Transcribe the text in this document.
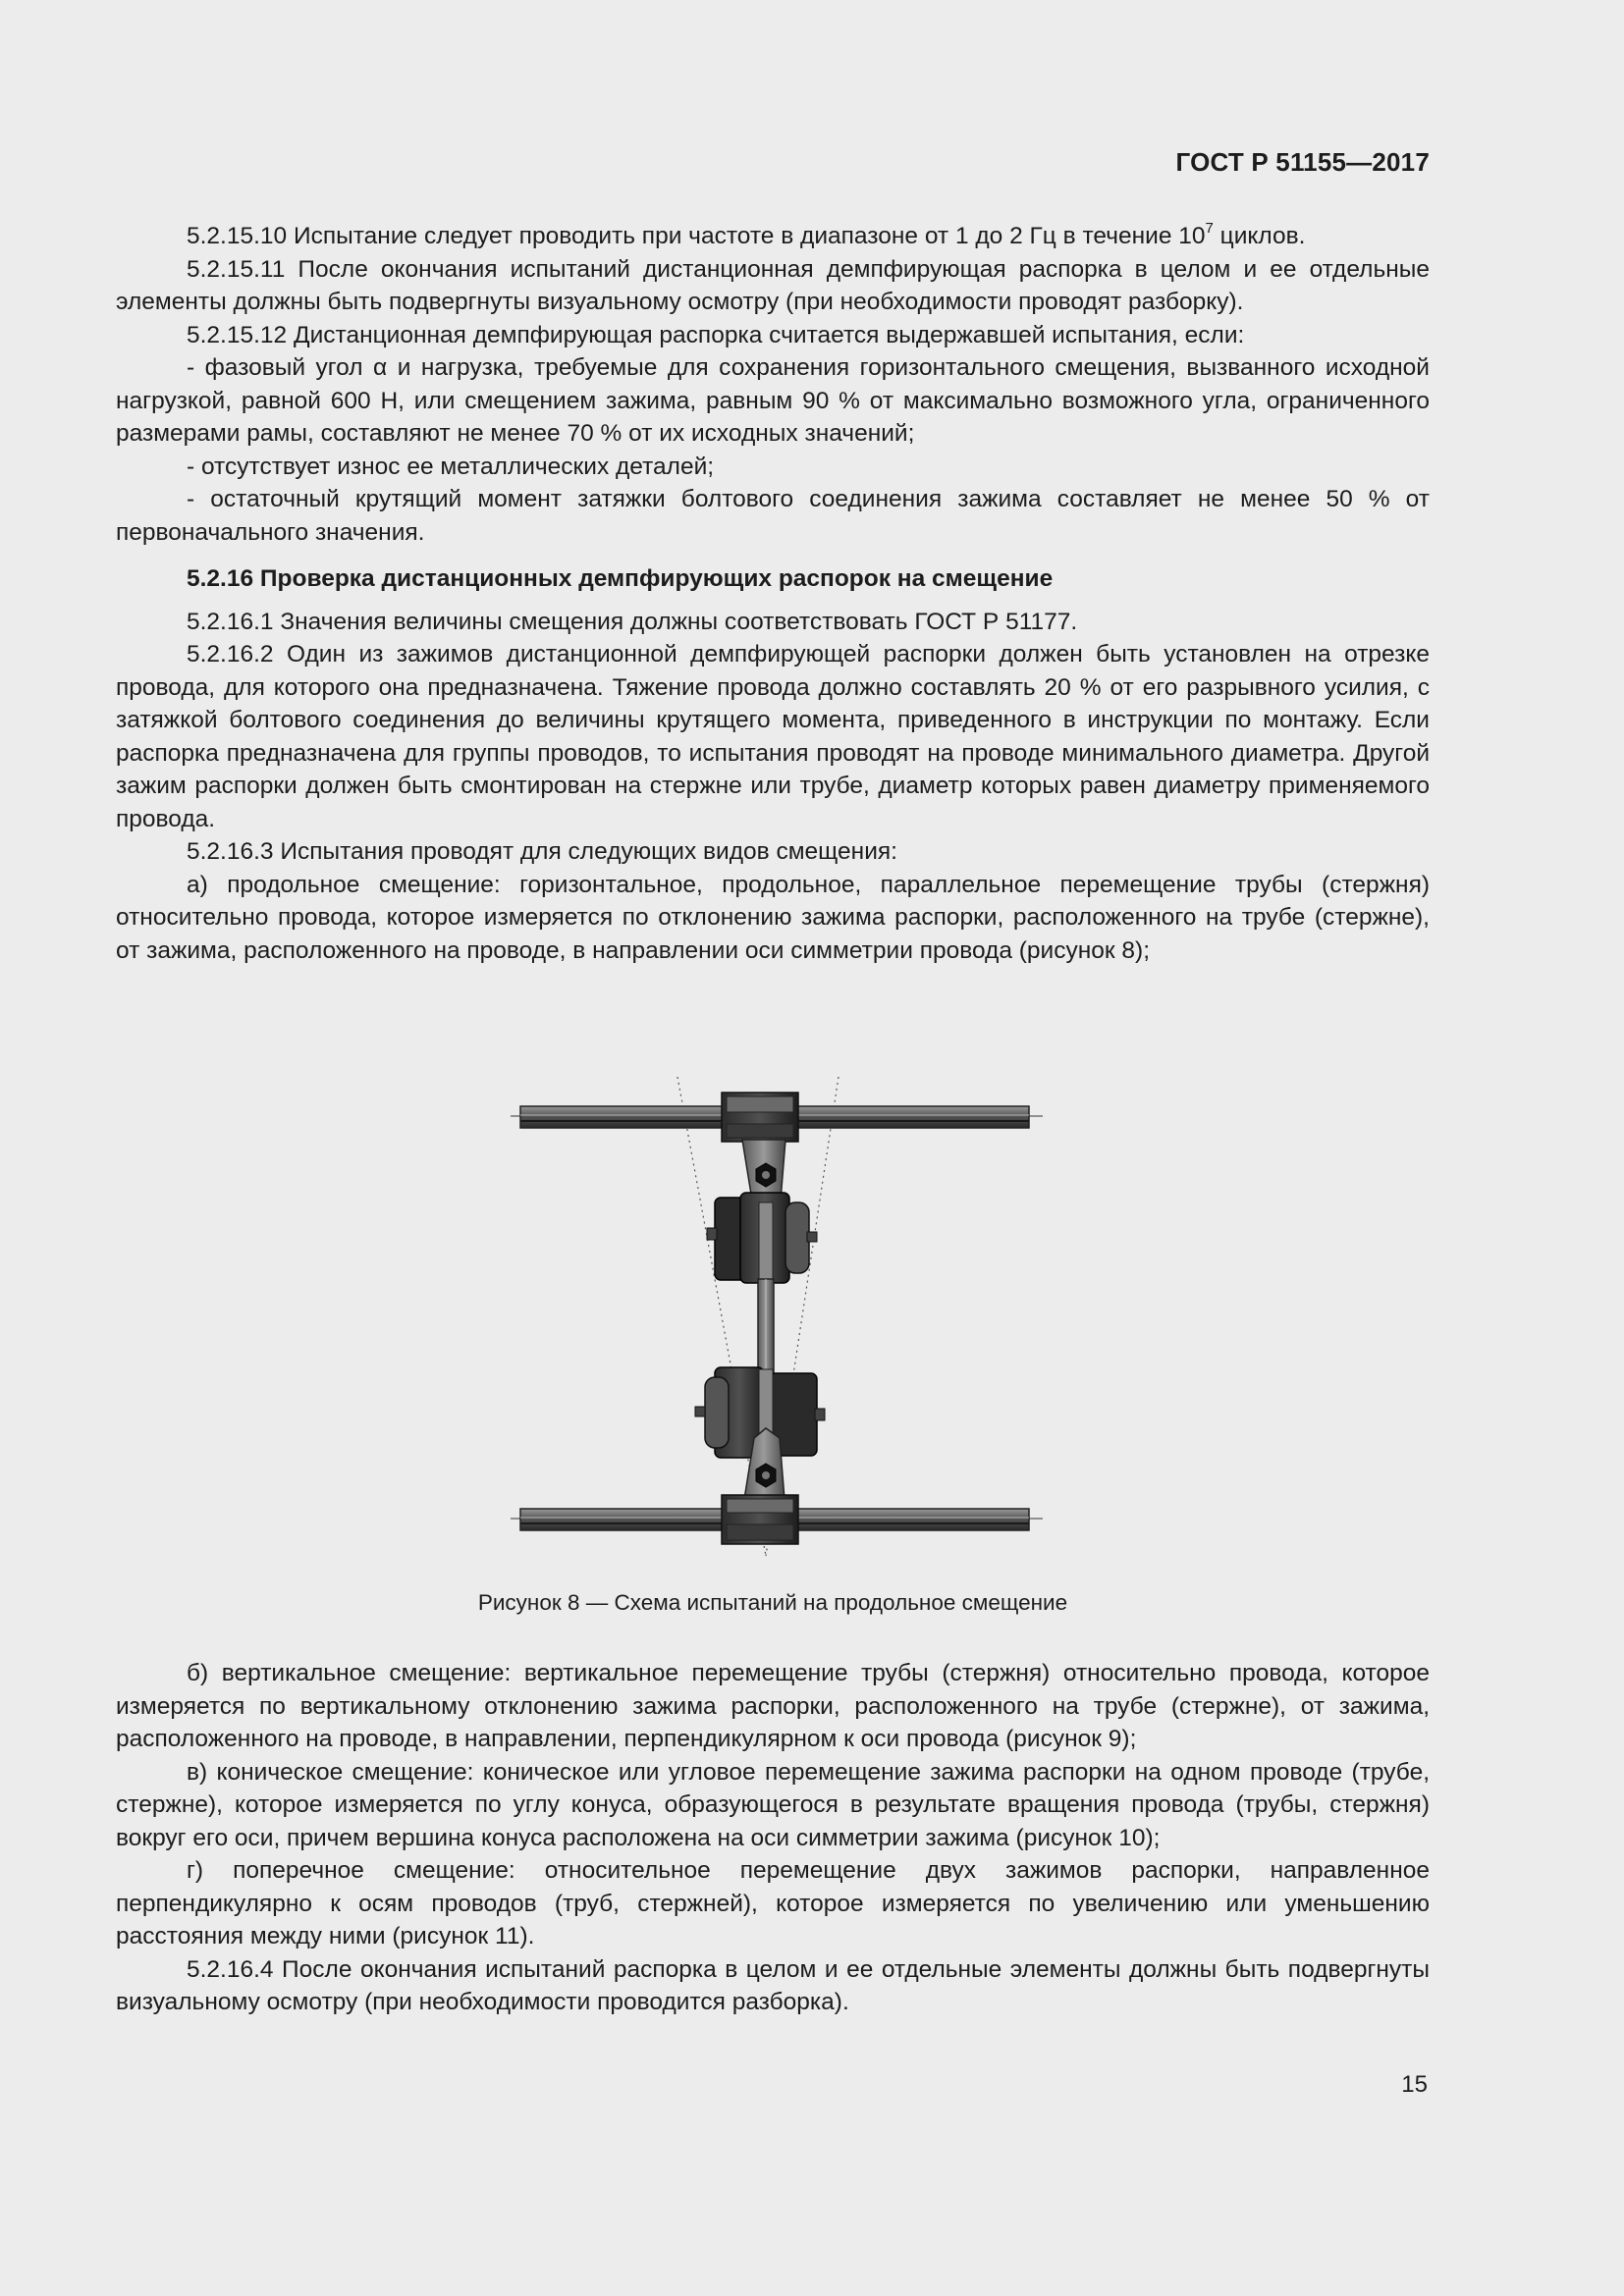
ГОСТ Р 51155—2017

5.2.15.10 Испытание следует проводить при частоте в диапазоне от 1 до 2 Гц в течение $10^7$ циклов.

5.2.15.11 После окончания испытаний дистанционная демпфирующая распорка в целом и ее отдельные элементы должны быть подвергнуты визуальному осмотру (при необходимости проводят разборку).

5.2.15.12 Дистанционная демпфирующая распорка считается выдержавшей испытания, если:

- фазовый угол α и нагрузка, требуемые для сохранения горизонтального смещения, вызванного исходной нагрузкой, равной 600 Н, или смещением зажима, равным 90 % от максимально возможного угла, ограниченного размерами рамы, составляют не менее 70 % от их исходных значений;

- отсутствует износ ее металлических деталей;

- остаточный крутящий момент затяжки болтового соединения зажима составляет не менее 50 % от первоначального значения.

5.2.16 Проверка дистанционных демпфирующих распорок на смещение

5.2.16.1 Значения величины смещения должны соответствовать ГОСТ Р 51177.

5.2.16.2 Один из зажимов дистанционной демпфирующей распорки должен быть установлен на отрезке провода, для которого она предназначена. Тяжение провода должно составлять 20 % от его разрывного усилия, с затяжкой болтового соединения до величины крутящего момента, приведенного в инструкции по монтажу. Если распорка предназначена для группы проводов, то испытания проводят на проводе минимального диаметра. Другой зажим распорки должен быть смонтирован на стержне или трубе, диаметр которых равен диаметру применяемого провода.

5.2.16.3 Испытания проводят для следующих видов смещения:

а) продольное смещение: горизонтальное, продольное, параллельное перемещение трубы (стержня) относительно провода, которое измеряется по отклонению зажима распорки, расположенного на трубе (стержне), от зажима, расположенного на проводе, в направлении оси симметрии провода (рисунок 8);

Рисунок 8 — Схема испытаний на продольное смещение

б) вертикальное смещение: вертикальное перемещение трубы (стержня) относительно провода, которое измеряется по вертикальному отклонению зажима распорки, расположенного на трубе (стержне), от зажима, расположенного на проводе, в направлении, перпендикулярном к оси провода (рисунок 9);

в) коническое смещение: коническое или угловое перемещение зажима распорки на одном проводе (трубе, стержне), которое измеряется по углу конуса, образующегося в результате вращения провода (трубы, стержня) вокруг его оси, причем вершина конуса расположена на оси симметрии зажима (рисунок 10);

г) поперечное смещение: относительное перемещение двух зажимов распорки, направленное перпендикулярно к осям проводов (труб, стержней), которое измеряется по увеличению или уменьшению расстояния между ними (рисунок 11).

5.2.16.4 После окончания испытаний распорка в целом и ее отдельные элементы должны быть подвергнуты визуальному осмотру (при необходимости проводится разборка).

15
